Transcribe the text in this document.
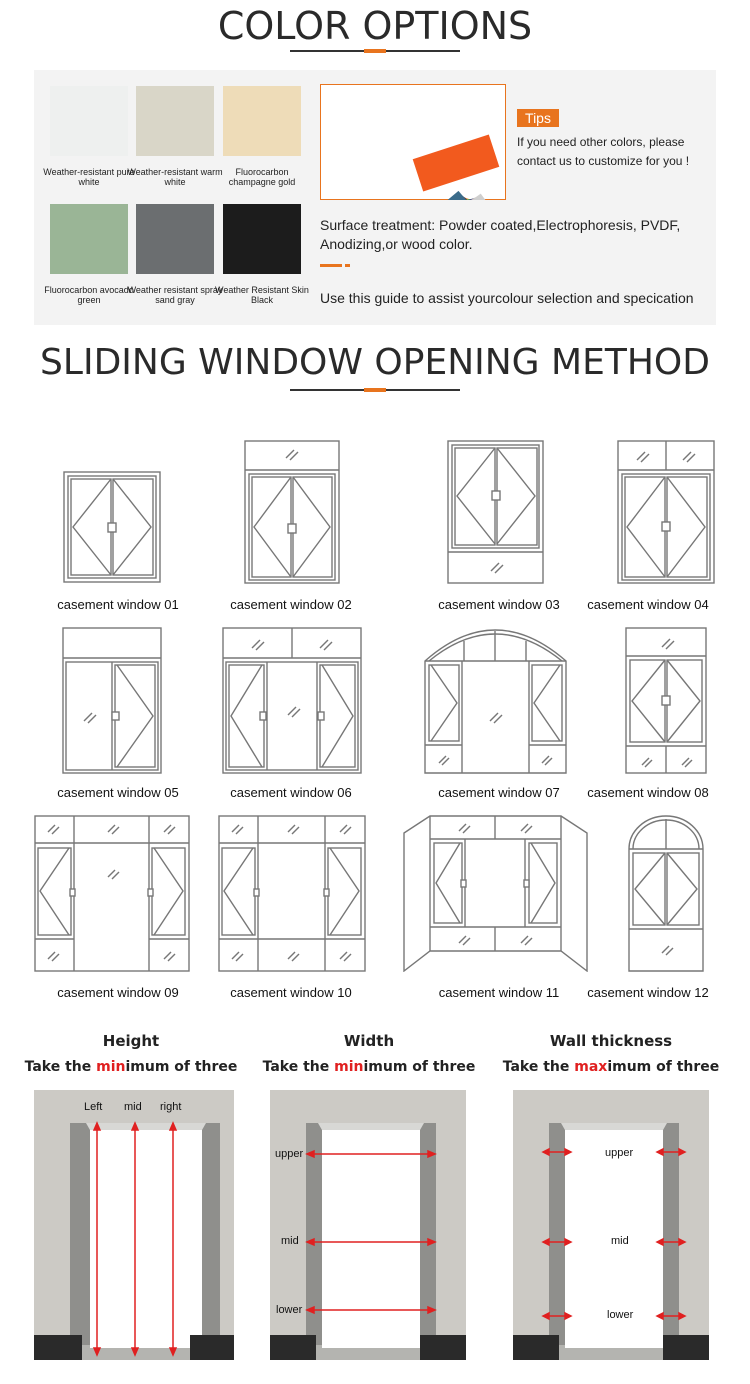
COLOR OPTIONS
Weather-resistant pure white
Weather-resistant warm white
Fluorocarbon champagne gold
Fluorocarbon avocado green
Weather resistant spray sand gray
Weather Resistant Skin Black
Tips
If you need other colors, please contact us to customize for you !
Surface treatment: Powder coated,Electrophoresis, PVDF, Anodizing,or wood color.
Use this guide to assist yourcolour selection and specication
SLIDING WINDOW OPENING METHOD
casement window 01	casement window 02	casement window 03	casement window 04
casement window 05	casement window 06	casement window 07	casement window 08
casement window 09	casement window 10	casement window 11	casement window 12
Height
Take the minimum of three
Width
Take the minimum of three
Wall thickness
Take the maximum of three
Left mid right
upper
mid
lower
upper
mid
lower
